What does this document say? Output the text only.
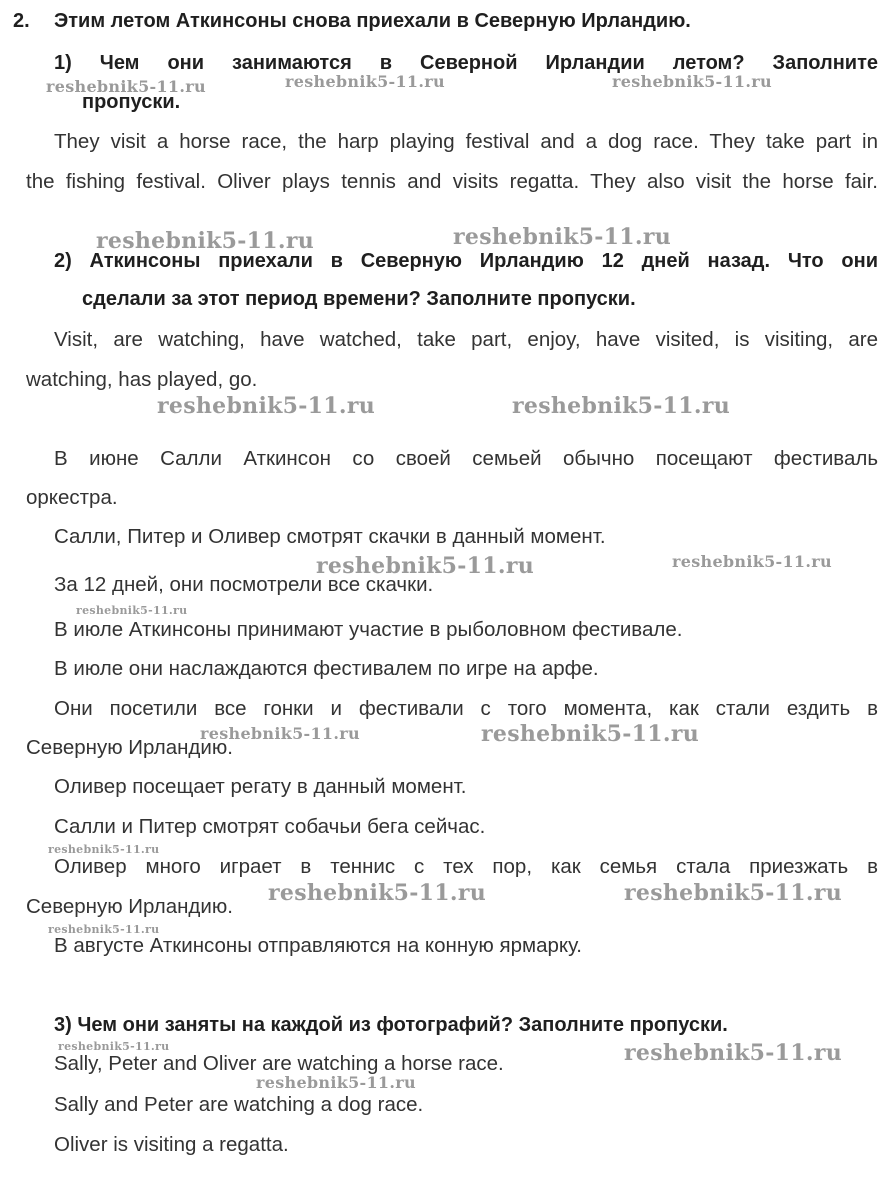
2. Этим летом Аткинсоны снова приехали в Северную Ирландию.
1) Чем они занимаются в Северной Ирландии летом? Заполните
пропуски.
They visit a horse race, the harp playing festival and a dog race. They take part in
the fishing festival. Oliver plays tennis and visits regatta. They also visit the horse fair.
2) Аткинсоны приехали в Северную Ирландию 12 дней назад. Что они
сделали за этот период времени? Заполните пропуски.
Visit, are watching, have watched, take part, enjoy, have visited, is visiting, are
watching, has played, go.
В июне Салли Аткинсон со своей семьей обычно посещают фестиваль
оркестра.
Салли, Питер и Оливер смотрят скачки в данный момент.
За 12 дней, они посмотрели все скачки.
В июле Аткинсоны принимают участие в рыболовном фестивале.
В июле они наслаждаются фестивалем по игре на арфе.
Они посетили все гонки и фестивали с того момента, как стали ездить в
Северную Ирландию.
Оливер посещает регату в данный момент.
Салли и Питер смотрят собачьи бега сейчас.
Оливер много играет в теннис с тех пор, как семья стала приезжать в
Северную Ирландию.
В августе Аткинсоны отправляются на конную ярмарку.
3) Чем они заняты на каждой из фотографий? Заполните пропуски.
Sally, Peter and Oliver are watching a horse race.
Sally and Peter are watching a dog race.
Oliver is visiting a regatta.
reshebnik5-11.ru	reshebnik5-11.ru	reshebnik5-11.ru
reshebnik5-11.ru	reshebnik5-11.ru
reshebnik5-11.ru	reshebnik5-11.ru
reshebnik5-11.ru	reshebnik5-11.ru
reshebnik5-11.ru
reshebnik5-11.ru	reshebnik5-11.ru
reshebnik5-11.ru
reshebnik5-11.ru	reshebnik5-11.ru
reshebnik5-11.ru
reshebnik5-11.ru	reshebnik5-11.ru
reshebnik5-11.ru
